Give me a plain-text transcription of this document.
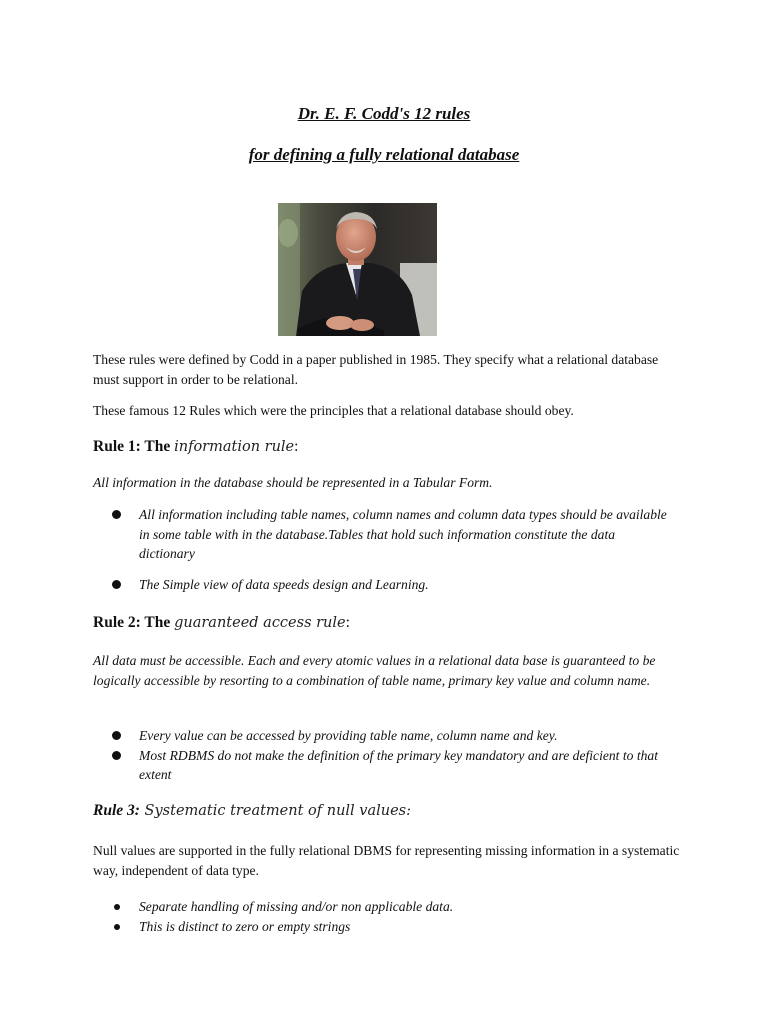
Dr. E. F. Codd's 12 rules
for defining a fully relational database

These rules were defined by Codd in a paper published in 1985. They specify what a relational database must support in order to be relational.

These famous 12 Rules which were the principles that a relational database should obey.

Rule 1: The information rule:

All information in the database should be represented in a Tabular Form.

All information including table names, column names and column data types should be available in some table with in the database.Tables that hold such information constitute the data dictionary
The Simple view of data speeds design and Learning.
Rule 2: The guaranteed access rule:

All data must be accessible. Each and every atomic values in a relational data base is guaranteed to be logically accessible by resorting to a combination of table name, primary key value and column name.

Every value can be accessed by providing table name, column name and key.
Most RDBMS do not make the definition of the primary key mandatory and are deficient to that extent
Rule 3: Systematic treatment of null values:

Null values are supported in the fully relational DBMS for representing missing information in a systematic way, independent of data type.

Separate handling of missing and/or non applicable data.
This is distinct to zero or empty strings
